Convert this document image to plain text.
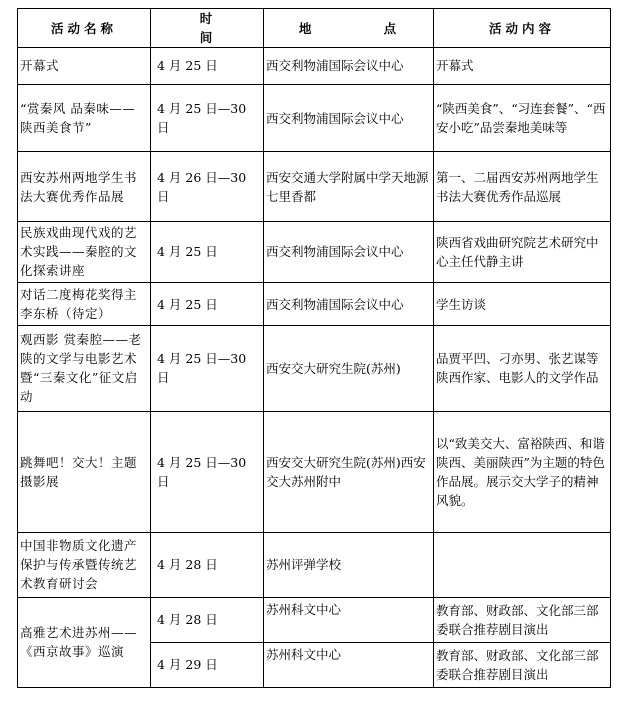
活动名称	时 间	地 点	活动内容
开幕式	4 月 25 日	西交利物浦国际会议中心	开幕式
“赏秦风 品秦味——陕西美食节”	4 月 25 日—30 日	西交利物浦国际会议中心	“陕西美食”、“习连套餐”、“西安小吃”品尝秦地美味等
西安苏州两地学生书法大赛优秀作品展	4 月 26 日—30 日	西安交通大学附属中学天地源七里香都	第一、二届西安苏州两地学生书法大赛优秀作品巡展
民族戏曲现代戏的艺术实践——秦腔的文化探索讲座	4 月 25 日	西交利物浦国际会议中心	陕西省戏曲研究院艺术研究中心主任代静主讲
对话二度梅花奖得主李东桥（待定）	4 月 25 日	西交利物浦国际会议中心	学生访谈
观西影 赏秦腔——老陕的文学与电影艺术暨“三秦文化”征文启动	4 月 25 日—30 日	西安交大研究生院(苏州)	品贾平凹、刁亦男、张艺谋等陕西作家、电影人的文学作品
跳舞吧！交大！主题摄影展	4 月 25 日—30 日	西安交大研究生院(苏州)西安交大苏州附中	以“致美交大、富裕陕西、和谐陕西、美丽陕西”为主题的特色作品展。展示交大学子的精神风貌。
中国非物质文化遗产保护与传承暨传统艺术教育研讨会	4 月 28 日	苏州评弹学校	
高雅艺术进苏州——《西京故事》巡演	4 月 28 日	苏州科文中心	教育部、财政部、文化部三部委联合推荐剧目演出
	4 月 29 日	苏州科文中心	教育部、财政部、文化部三部委联合推荐剧目演出
